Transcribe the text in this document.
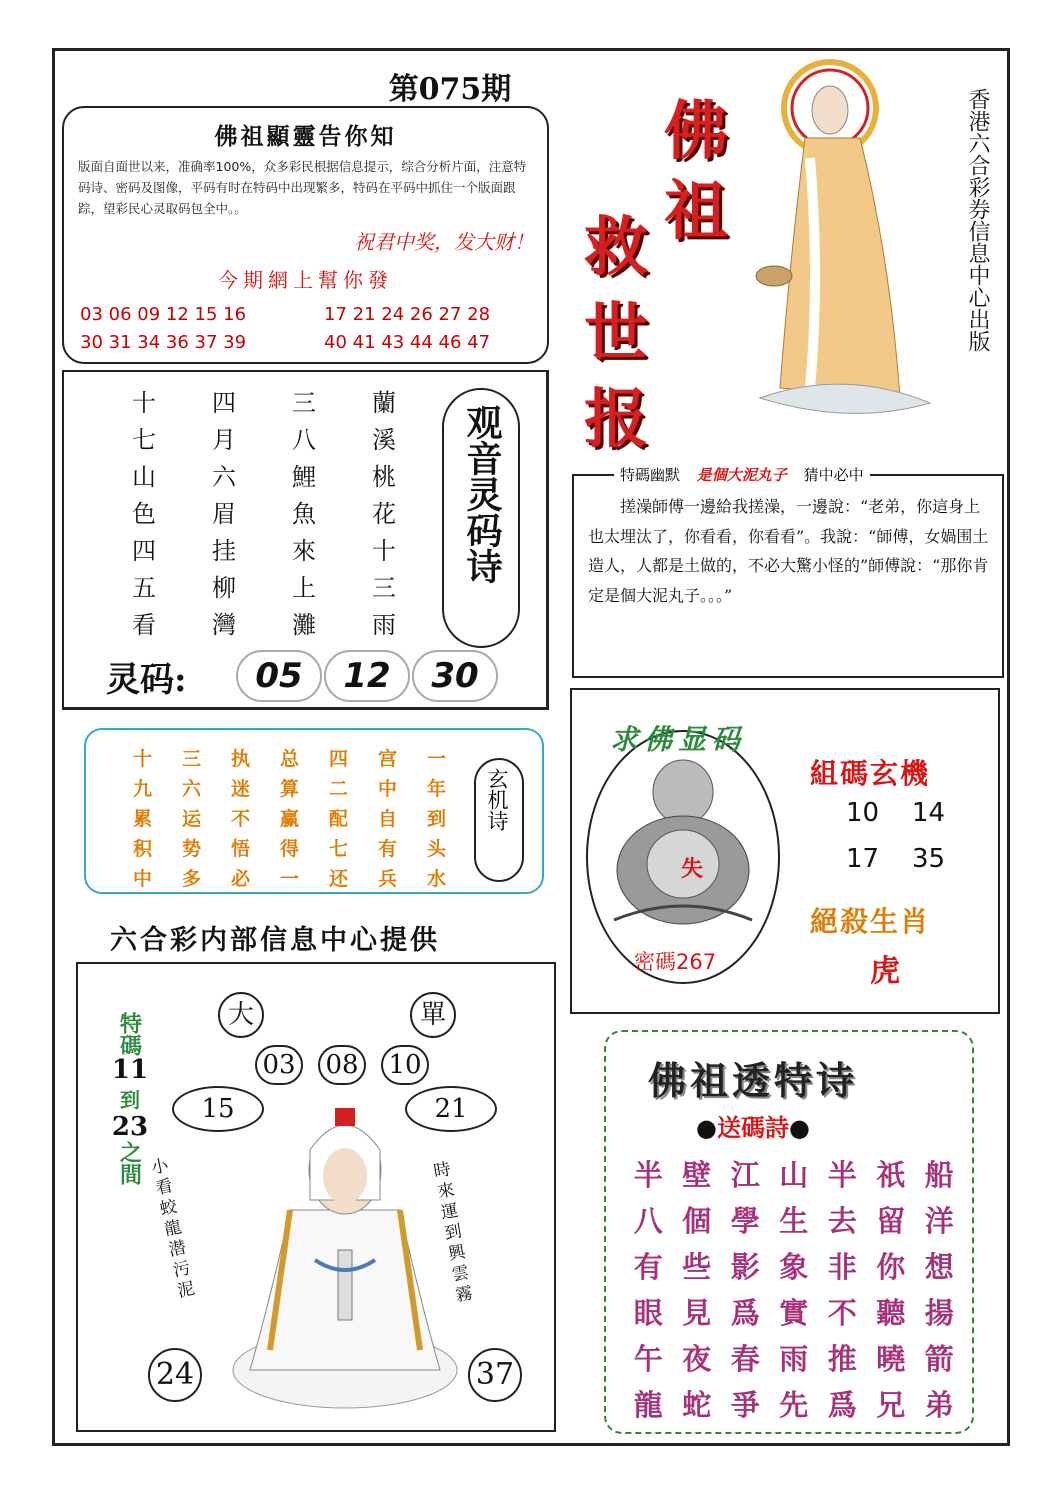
第075期
佛祖顯靈告你知
版面自面世以来，准确率100%，众多彩民根据信息提示，综合分析片面，注意特码诗、密码及图像，平码有时在特码中出现繁多，特码在平码中抓住一个版面跟踪，望彩民心灵取码包全中。。
祝君中奖，发大财！
今期網上幫你發
03 06 09 12 15 16	17 21 24 26 27 28
30 31 34 36 37 39	40 41 43 44 46 47
十	四	三	蘭
七	月	八	溪
山	六	鯉	桃
色	眉	魚	花
四	挂	來	十
五	柳	上	三
看	灣	灘	雨
观音灵码诗
灵码:	05	12	30
十	三	执	总	四	宫	一
九	六	迷	算	二	中	年
累	运	不	赢	配	自	到
积	势	悟	得	七	有	头
中	多	必	一	还	兵	水
玄机诗
六合彩内部信息中心提供
大	單
03 08 10
15	21
24	37
特碼
11
到
23
之間 小看蛟龍潜污泥	時來運到興雲霧
佛
祖
救
世
报
香港六合彩券信息中心出版
特碼幽默 是個大泥丸子 猜中必中
搓澡師傅一邊給我搓澡，一邊說：“老弟，你這身上也太埋汰了，你看看，你看看”。我說：“師傅，女媧围土造人，人都是土做的，不必大驚小怪的”師傅說：“那你肯定是個大泥丸子。。。”
求佛显码
失
密碼267
組碼玄機
10 14
17 35
絕殺生肖
虎
佛祖透特诗
●送碼詩●
半 壁 江 山 半 祇 船
八 個 學 生 去 留 洋
有 些 影 象 非 你 想
眼 見 爲 實 不 聽 揚
午 夜 春 雨 推 曉 箭
龍 蛇 爭 先 爲 兄 弟
